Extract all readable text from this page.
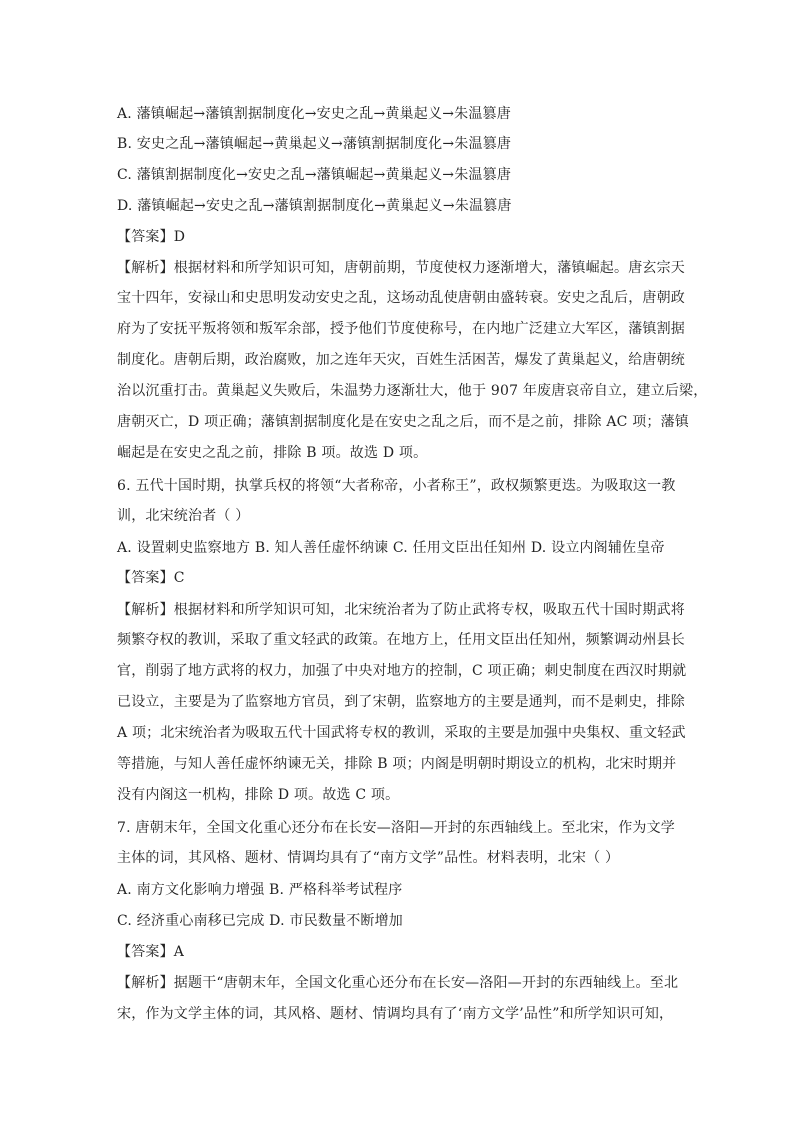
A. 藩镇崛起→藩镇割据制度化→安史之乱→黄巢起义→朱温篡唐
B. 安史之乱→藩镇崛起→黄巢起义→藩镇割据制度化→朱温篡唐
C. 藩镇割据制度化→安史之乱→藩镇崛起→黄巢起义→朱温篡唐
D. 藩镇崛起→安史之乱→藩镇割据制度化→黄巢起义→朱温篡唐
【答案】D
【解析】根据材料和所学知识可知，唐朝前期，节度使权力逐渐增大，藩镇崛起。唐玄宗天
宝十四年，安禄山和史思明发动安史之乱，这场动乱使唐朝由盛转衰。安史之乱后，唐朝政
府为了安抚平叛将领和叛军余部，授予他们节度使称号，在内地广泛建立大军区，藩镇割据
制度化。唐朝后期，政治腐败，加之连年天灾，百姓生活困苦，爆发了黄巢起义，给唐朝统
治以沉重打击。黄巢起义失败后，朱温势力逐渐壮大，他于 907 年废唐哀帝自立，建立后梁，
唐朝灭亡，D 项正确；藩镇割据制度化是在安史之乱之后，而不是之前，排除 AC 项；藩镇
崛起是在安史之乱之前，排除 B 项。故选 D 项。
6. 五代十国时期，执掌兵权的将领“大者称帝，小者称王”，政权频繁更迭。为吸取这一教
训，北宋统治者（ ）
A. 设置刺史监察地方 B. 知人善任虚怀纳谏 C. 任用文臣出任知州 D. 设立内阁辅佐皇帝
【答案】C
【解析】根据材料和所学知识可知，北宋统治者为了防止武将专权，吸取五代十国时期武将
频繁夺权的教训，采取了重文轻武的政策。在地方上，任用文臣出任知州，频繁调动州县长
官，削弱了地方武将的权力，加强了中央对地方的控制，C 项正确；刺史制度在西汉时期就
已设立，主要是为了监察地方官员，到了宋朝，监察地方的主要是通判，而不是刺史，排除
A 项；北宋统治者为吸取五代十国武将专权的教训，采取的主要是加强中央集权、重文轻武
等措施，与知人善任虚怀纳谏无关，排除 B 项；内阁是明朝时期设立的机构，北宋时期并
没有内阁这一机构，排除 D 项。故选 C 项。
7. 唐朝末年，全国文化重心还分布在长安—洛阳—开封的东西轴线上。至北宋，作为文学
主体的词，其风格、题材、情调均具有了“南方文学”品性。材料表明，北宋（ ）
A. 南方文化影响力增强 B. 严格科举考试程序
C. 经济重心南移已完成 D. 市民数量不断增加
【答案】A
【解析】据题干“唐朝末年，全国文化重心还分布在长安—洛阳—开封的东西轴线上。至北
宋，作为文学主体的词，其风格、题材、情调均具有了‘南方文学’品性”和所学知识可知，
